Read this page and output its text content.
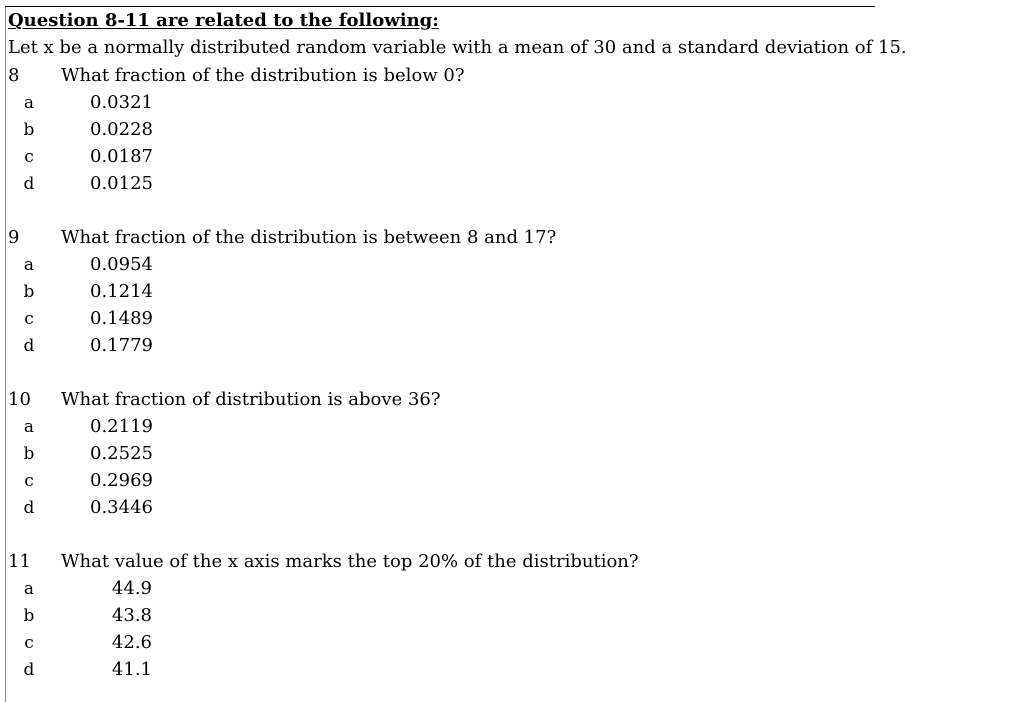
Question 8-11 are related to the following:
Let x be a normally distributed random variable with a mean of 30 and a standard deviation of 15.
8 What fraction of the distribution is below 0?
a	0.0321
b	0.0228
c	0.0187
d	0.0125
9 What fraction of the distribution is between 8 and 17?
a	0.0954
b	0.1214
c	0.1489
d	0.1779
10 What fraction of distribution is above 36?
a	0.2119
b	0.2525
c	0.2969
d	0.3446
11 What value of the x axis marks the top 20% of the distribution?
a	44.9
b	43.8
c	42.6
d	41.1
